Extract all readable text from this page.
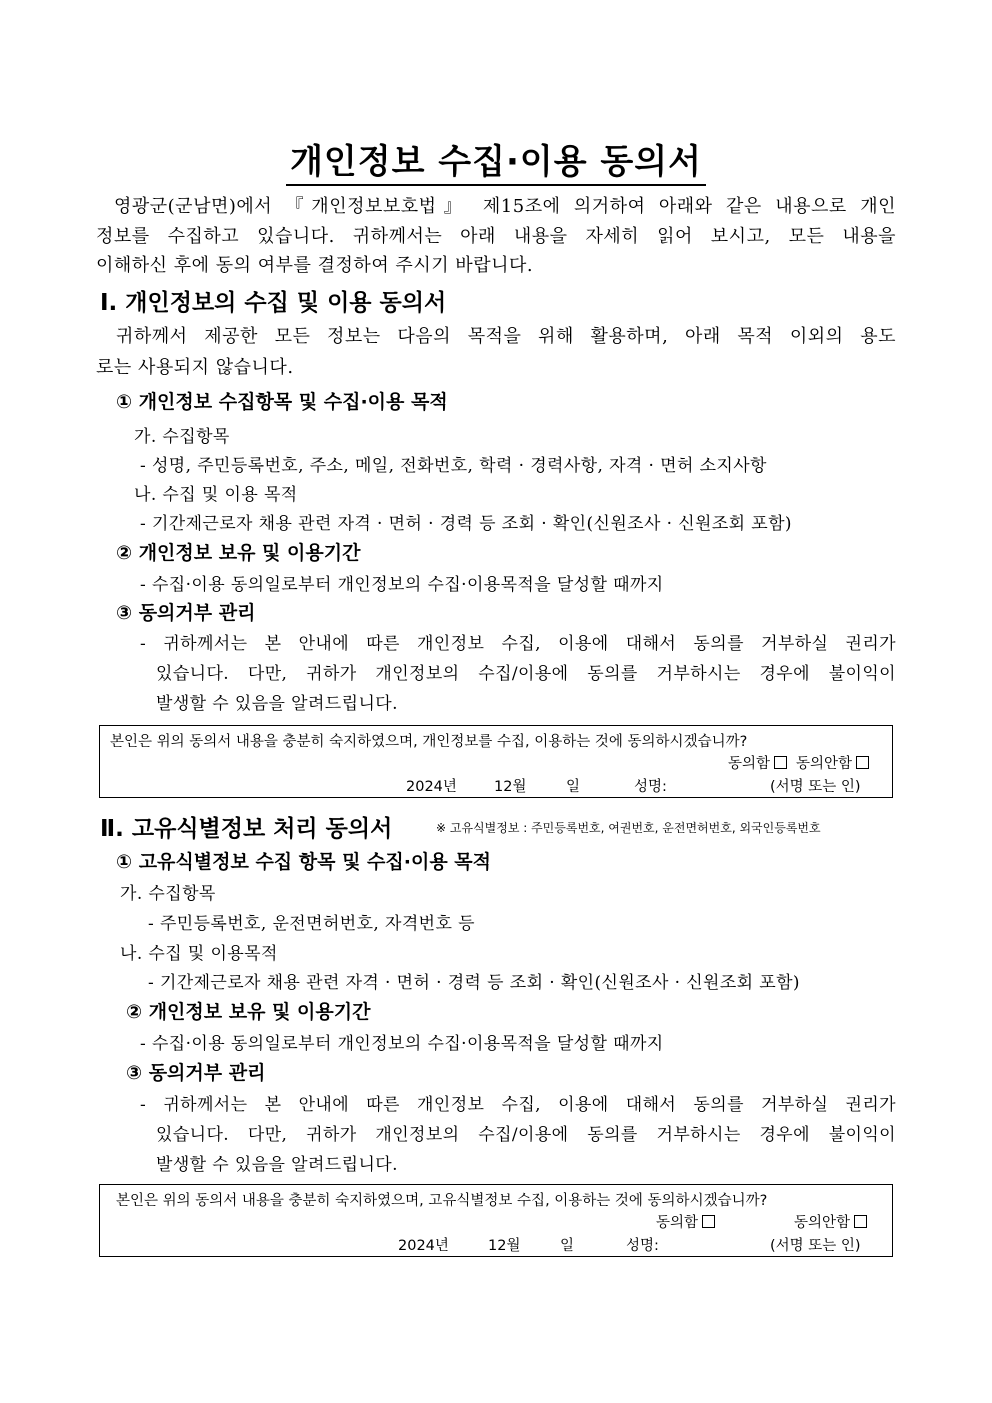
개인정보 수집·이용 동의서
영광군(군남면)에서 『개인정보보호법』 제15조에 의거하여 아래와 같은 내용으로 개인
정보를 수집하고 있습니다. 귀하께서는 아래 내용을 자세히 읽어 보시고, 모든 내용을
이해하신 후에 동의 여부를 결정하여 주시기 바랍니다.
Ⅰ. 개인정보의 수집 및 이용 동의서
귀하께서 제공한 모든 정보는 다음의 목적을 위해 활용하며, 아래 목적 이외의 용도
로는 사용되지 않습니다.
① 개인정보 수집항목 및 수집·이용 목적
가. 수집항목
- 성명, 주민등록번호, 주소, 메일, 전화번호, 학력 · 경력사항, 자격 · 면허 소지사항
나. 수집 및 이용 목적
- 기간제근로자 채용 관련 자격 · 면허 · 경력 등 조회 · 확인(신원조사 · 신원조회 포함)
② 개인정보 보유 및 이용기간
- 수집·이용 동의일로부터 개인정보의 수집·이용목적을 달성할 때까지
③ 동의거부 관리
- 귀하께서는 본 안내에 따른 개인정보 수집, 이용에 대해서 동의를 거부하실 권리가
있습니다. 다만, 귀하가 개인정보의 수집/이용에 동의를 거부하시는 경우에 불이익이
발생할 수 있음을 알려드립니다.
본인은 위의 동의서 내용을 충분히 숙지하였으며, 개인정보를 수집, 이용하는 것에 동의하시겠습니까?
동의함	동의안함
2024년	12월	일	성명:	(서명 또는 인)
Ⅱ. 고유식별정보 처리 동의서	※ 고유식별정보 : 주민등록번호, 여권번호, 운전면허번호, 외국인등록번호
① 고유식별정보 수집 항목 및 수집·이용 목적
가. 수집항목
- 주민등록번호, 운전면허번호, 자격번호 등
나. 수집 및 이용목적
- 기간제근로자 채용 관련 자격 · 면허 · 경력 등 조회 · 확인(신원조사 · 신원조회 포함)
② 개인정보 보유 및 이용기간
- 수집·이용 동의일로부터 개인정보의 수집·이용목적을 달성할 때까지
③ 동의거부 관리
- 귀하께서는 본 안내에 따른 개인정보 수집, 이용에 대해서 동의를 거부하실 권리가
있습니다. 다만, 귀하가 개인정보의 수집/이용에 동의를 거부하시는 경우에 불이익이
발생할 수 있음을 알려드립니다.
본인은 위의 동의서 내용을 충분히 숙지하였으며, 고유식별정보 수집, 이용하는 것에 동의하시겠습니까?
동의함	동의안함
2024년	12월	일	성명:	(서명 또는 인)
